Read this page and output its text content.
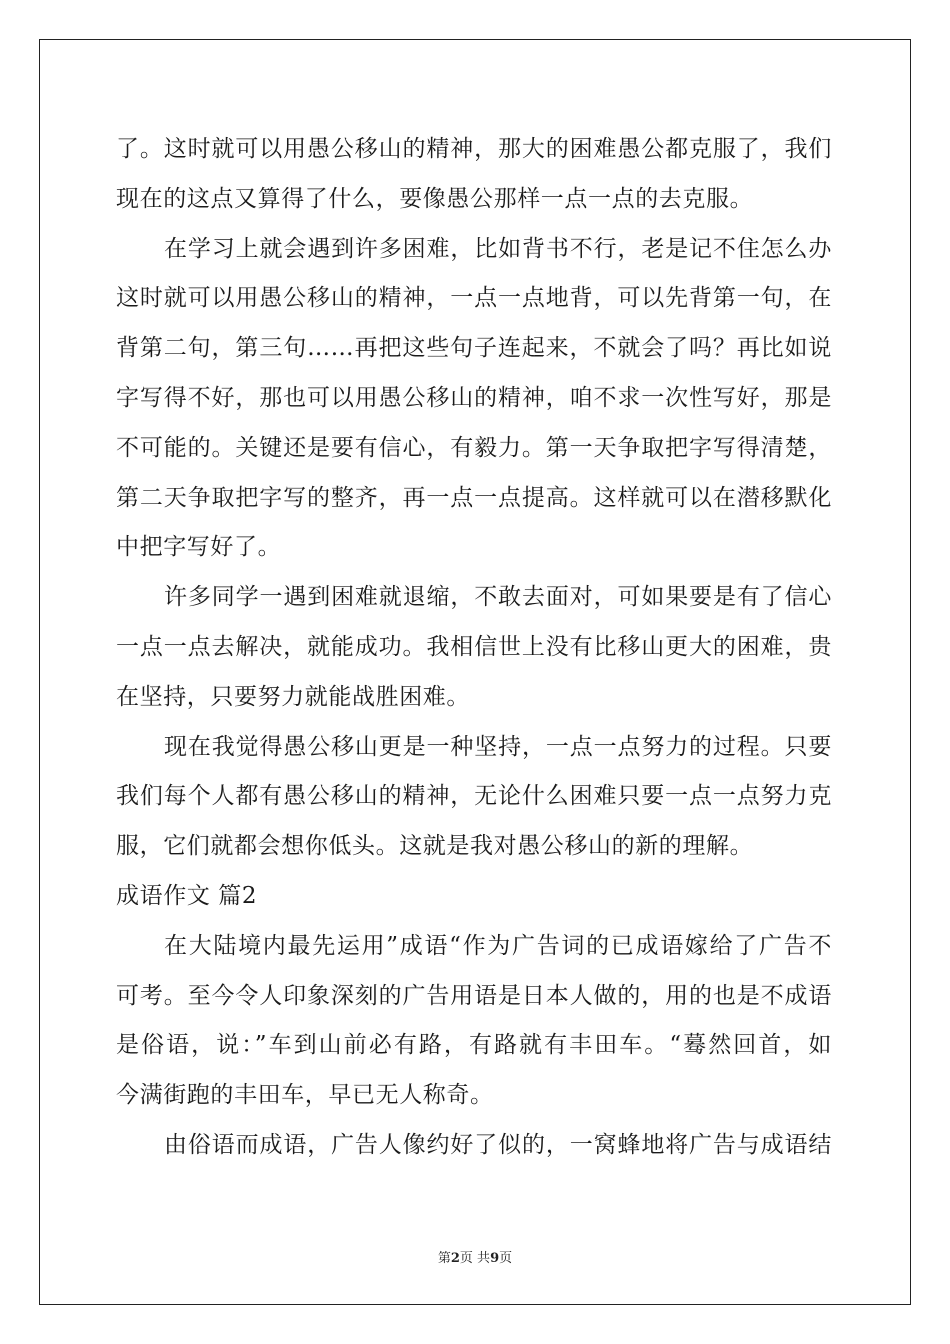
了。这时就可以用愚公移山的精神，那大的困难愚公都克服了，我们
现在的这点又算得了什么，要像愚公那样一点一点的去克服。
在学习上就会遇到许多困难，比如背书不行，老是记不住怎么办
这时就可以用愚公移山的精神，一点一点地背，可以先背第一句，在
背第二句，第三句……再把这些句子连起来，不就会了吗？再比如说
字写得不好，那也可以用愚公移山的精神，咱不求一次性写好，那是
不可能的。关键还是要有信心，有毅力。第一天争取把字写得清楚，
第二天争取把字写的整齐，再一点一点提高。这样就可以在潜移默化
中把字写好了。
许多同学一遇到困难就退缩，不敢去面对，可如果要是有了信心
一点一点去解决，就能成功。我相信世上没有比移山更大的困难，贵
在坚持，只要努力就能战胜困难。
现在我觉得愚公移山更是一种坚持，一点一点努力的过程。只要
我们每个人都有愚公移山的精神，无论什么困难只要一点一点努力克
服，它们就都会想你低头。这就是我对愚公移山的新的理解。
成语作文 篇2
在大陆境内最先运用”成语“作为广告词的已成语嫁给了广告不
可考。至今令人印象深刻的广告用语是日本人做的，用的也是不成语
是俗语，说：”车到山前必有路，有路就有丰田车。“蓦然回首，如
今满街跑的丰田车，早已无人称奇。
由俗语而成语，广告人像约好了似的，一窝蜂地将广告与成语结
第2页 共9页
